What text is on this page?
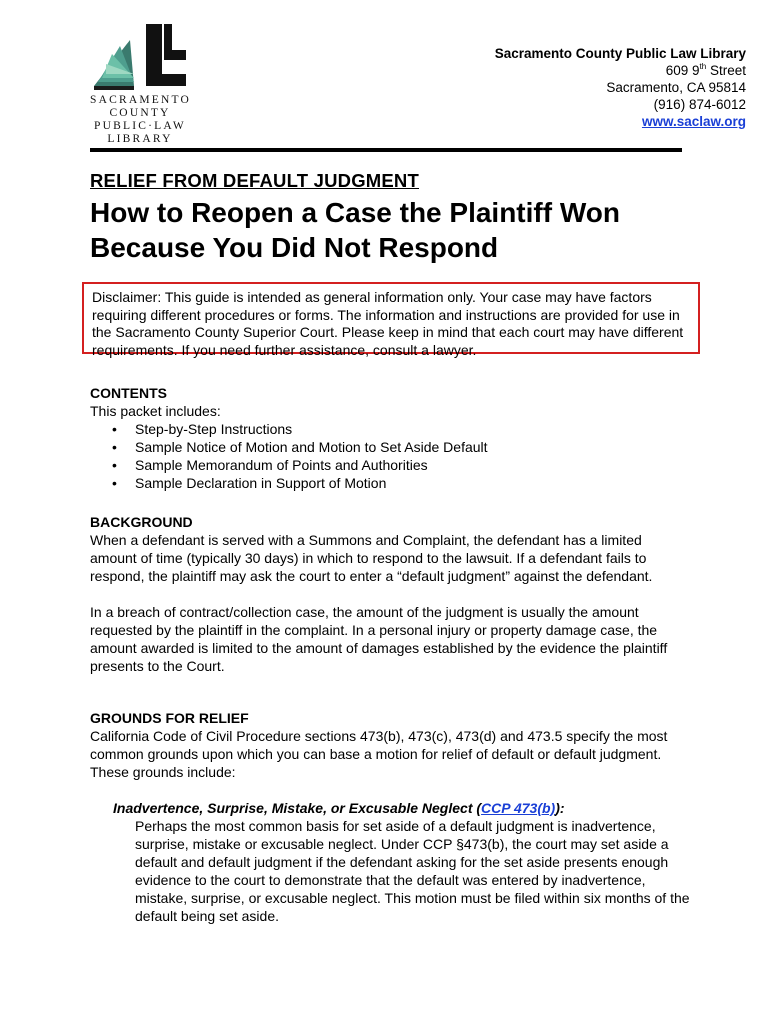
SACRAMENTO
COUNTY
PUBLIC·LAW
LIBRARY
Sacramento County Public Law Library
609 9th Street
Sacramento, CA 95814
(916) 874-6012
www.saclaw.org
RELIEF FROM DEFAULT JUDGMENT
How to Reopen a Case the Plaintiff Won Because You Did Not Respond
Disclaimer: This guide is intended as general information only. Your case may have factors requiring different procedures or forms. The information and instructions are provided for use in the Sacramento County Superior Court. Please keep in mind that each court may have different requirements. If you need further assistance, consult a lawyer.
CONTENTS
This packet includes:
• Step-by-Step Instructions
• Sample Notice of Motion and Motion to Set Aside Default
• Sample Memorandum of Points and Authorities
• Sample Declaration in Support of Motion
BACKGROUND

When a defendant is served with a Summons and Complaint, the defendant has a limited amount of time (typically 30 days) in which to respond to the lawsuit. If a defendant fails to respond, the plaintiff may ask the court to enter a “default judgment” against the defendant.

In a breach of contract/collection case, the amount of the judgment is usually the amount requested by the plaintiff in the complaint. In a personal injury or property damage case, the amount awarded is limited to the amount of damages established by the evidence the plaintiff presents to the Court.

GROUNDS FOR RELIEF

California Code of Civil Procedure sections 473(b), 473(c), 473(d) and 473.5 specify the most common grounds upon which you can base a motion for relief of default or default judgment. These grounds include:

Inadvertence, Surprise, Mistake, or Excusable Neglect (CCP 473(b)):

Perhaps the most common basis for set aside of a default judgment is inadvertence, surprise, mistake or excusable neglect. Under CCP §473(b), the court may set aside a default and default judgment if the defendant asking for the set aside presents enough evidence to the court to demonstrate that the default was entered by inadvertence, mistake, surprise, or excusable neglect. This motion must be filed within six months of the default being set aside.
